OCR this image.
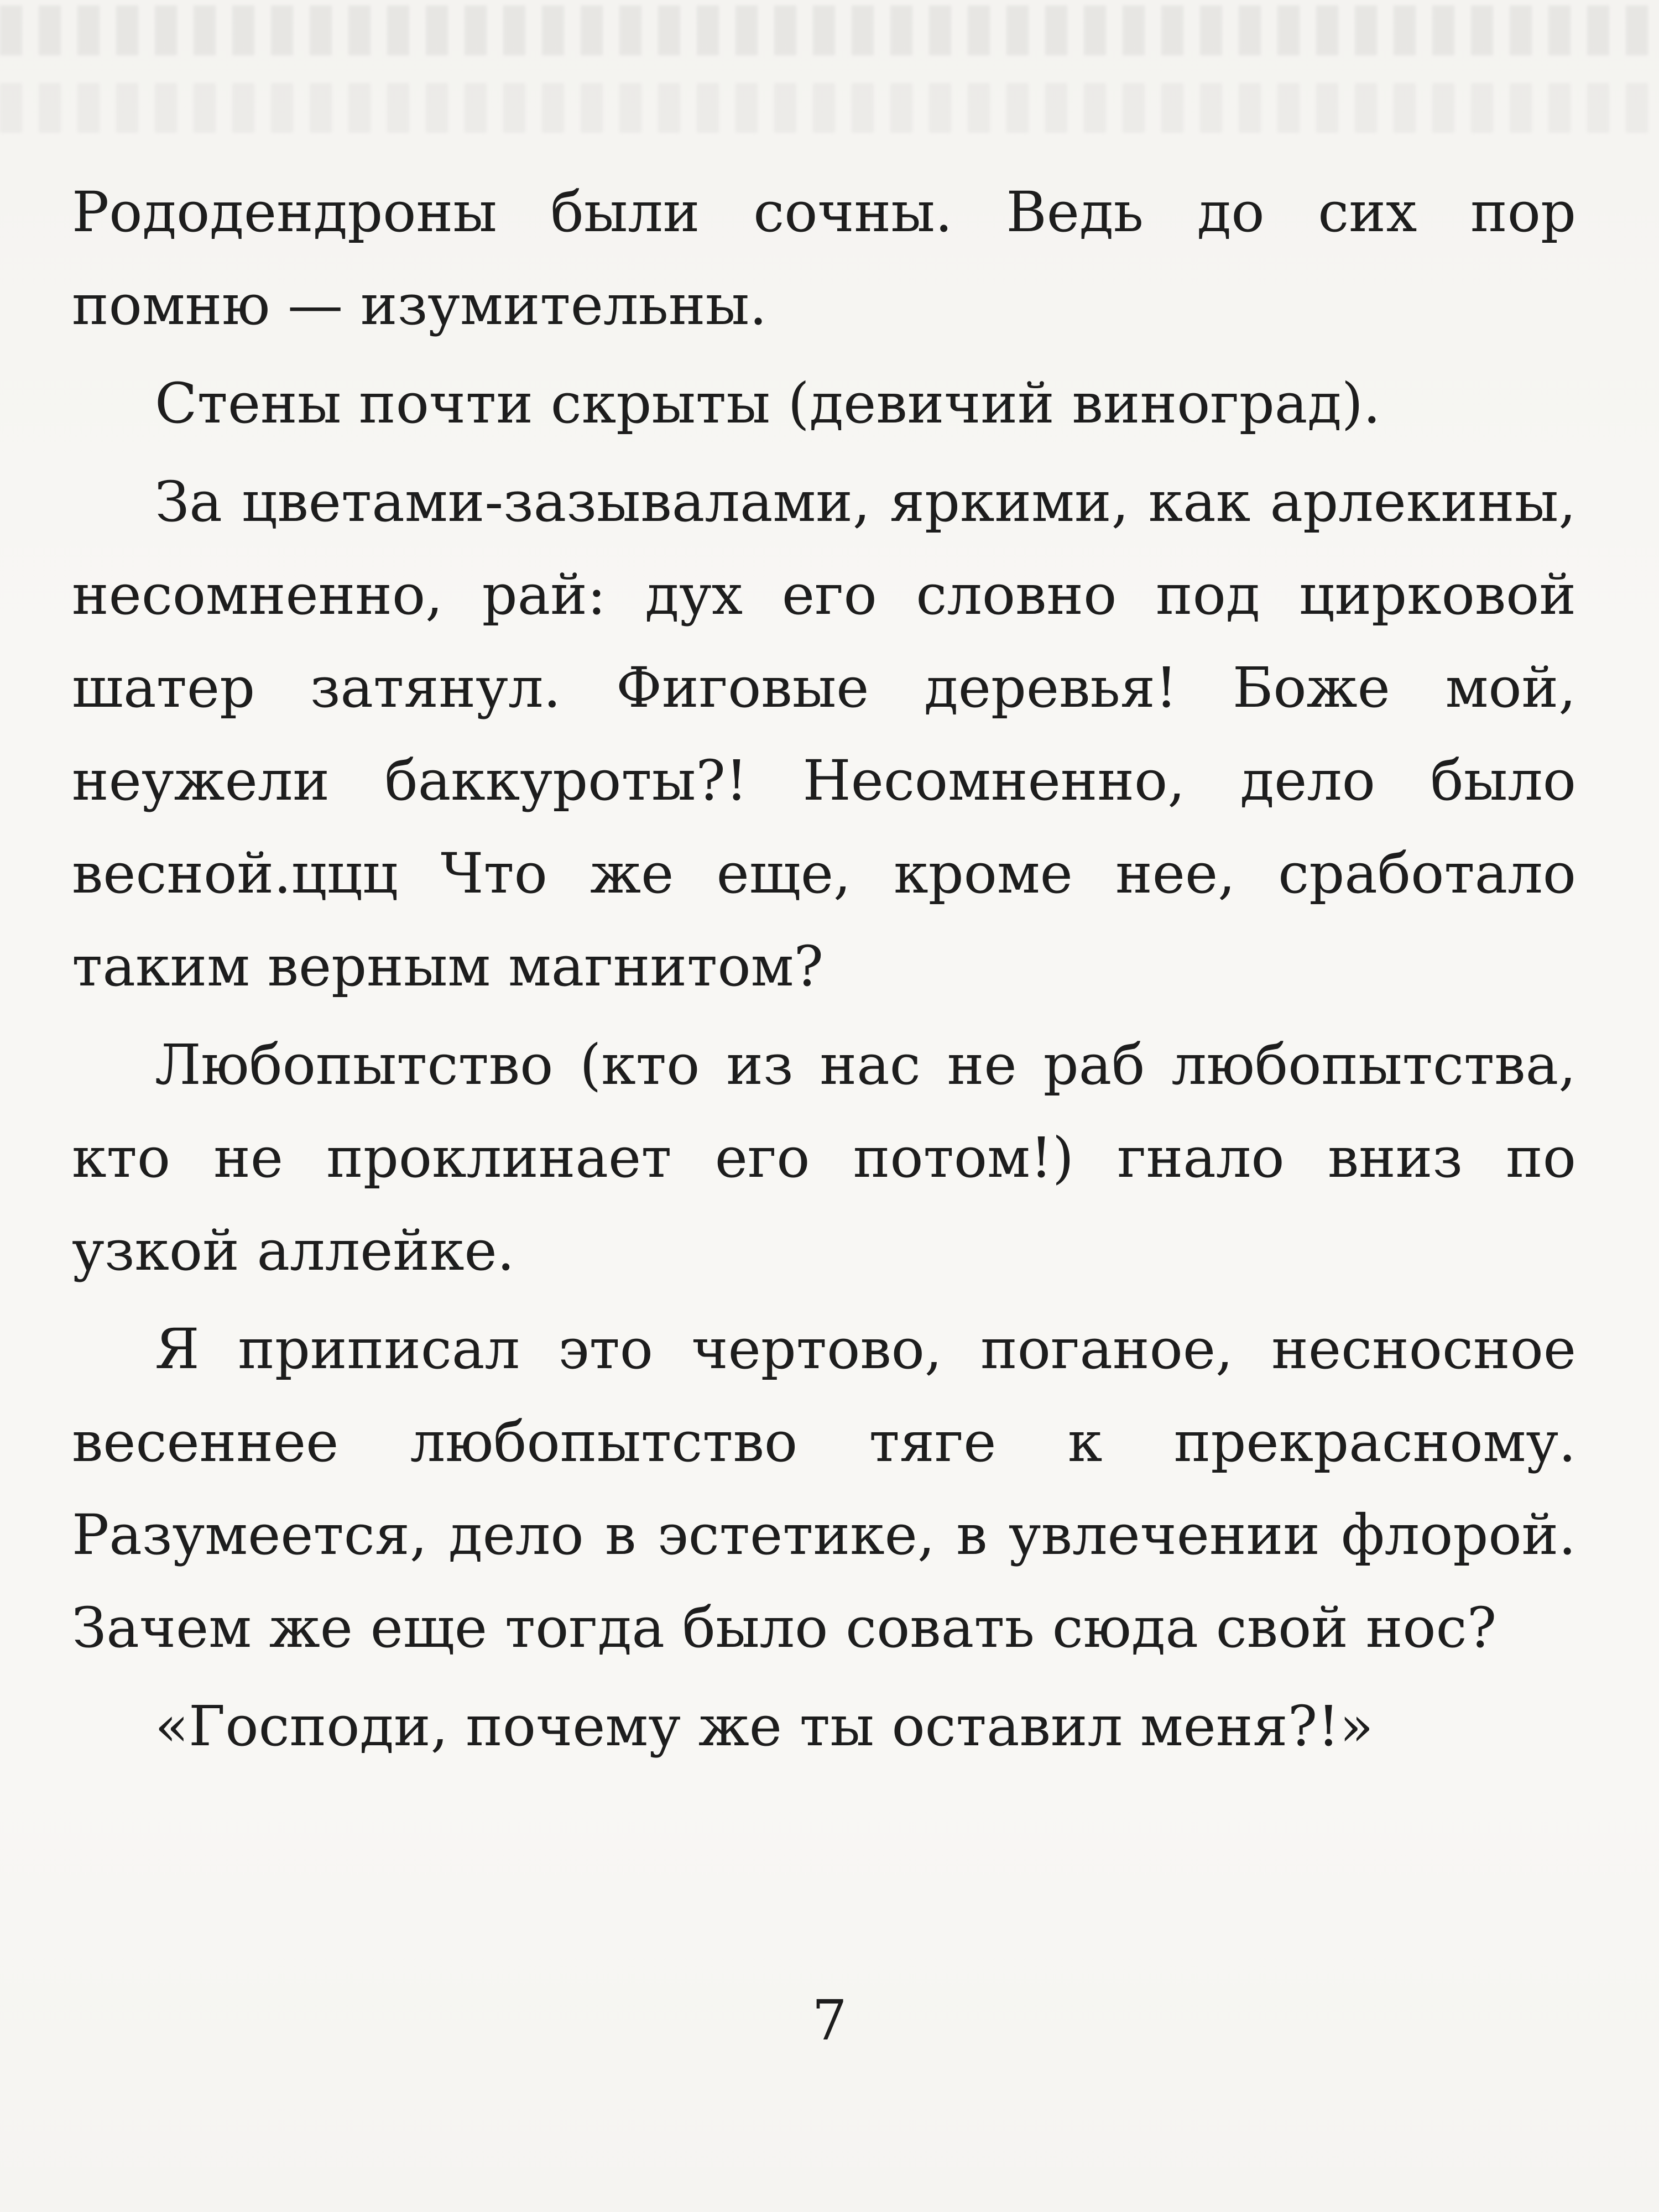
Рододендроны были сочны. Ведь до сих пор помню — изумительны.

Стены почти скрыты (девичий виноград).

За цветами-зазывалами, яркими, как арлекины, несомненно, рай: дух его словно под цирковой шатер затянул. Фиговые деревья! Боже мой, неужели баккуроты?! Несомненно, дело было весной.ццц Что же еще, кроме нее, сработало таким верным магнитом?

Любопытство (кто из нас не раб любопытства, кто не проклинает его потом!) гнало вниз по узкой аллейке.

Я приписал это чертово, поганое, несносное весеннее любопытство тяге к прекрасному. Разумеется, дело в эстетике, в увлечении флорой. Зачем же еще тогда было совать сюда свой нос?

«Господи, почему же ты оставил меня?!»

7
